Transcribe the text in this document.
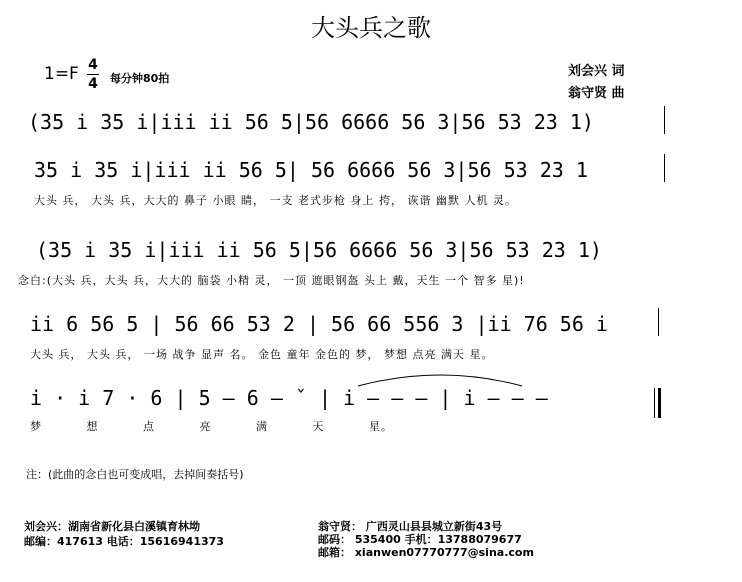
大头兵之歌
1=F 4
4 每分钟80拍	刘会兴 词
翁守贤 曲
(35 i 35 i|iii ii 56 5|56 6666 56 3|56 53 23 1)
35 i 35 i|iii ii 56 5| 56 6666 56 3|56 53 23 1
大头 兵， 大头 兵，大大的 鼻子 小眼 睛， 一支 老式步枪 身上 挎， 诙谐 幽默 人机 灵。
(35 i 35 i|iii ii 56 5|56 6666 56 3|56 53 23 1)
念白:(大头 兵，大头 兵，大大的 脑袋 小精 灵， 一顶 遮眼钢盔 头上 戴，天生 一个 智多 星)!
ii 6 56 5 | 56 66 53 2 | 56 66 556 3 |ii 76 56 i
大头 兵， 大头 兵， 一场 战争 显声 名。 金色 童年 金色的 梦， 梦想 点亮 满天 星。
i · i 7 · 6 | 5 – 6 – ˇ | i – – – | i – – –
梦 想 点 亮 满 天 星。
注：(此曲的念白也可变成唱，去掉间奏括号)
刘会兴：湖南省新化县白溪镇育林坳
邮编：417613 电话：15616941373
翁守贤： 广西灵山县县城立新街43号
邮码： 535400 手机：13788079677
邮箱： xianwen07770777@sina.com
